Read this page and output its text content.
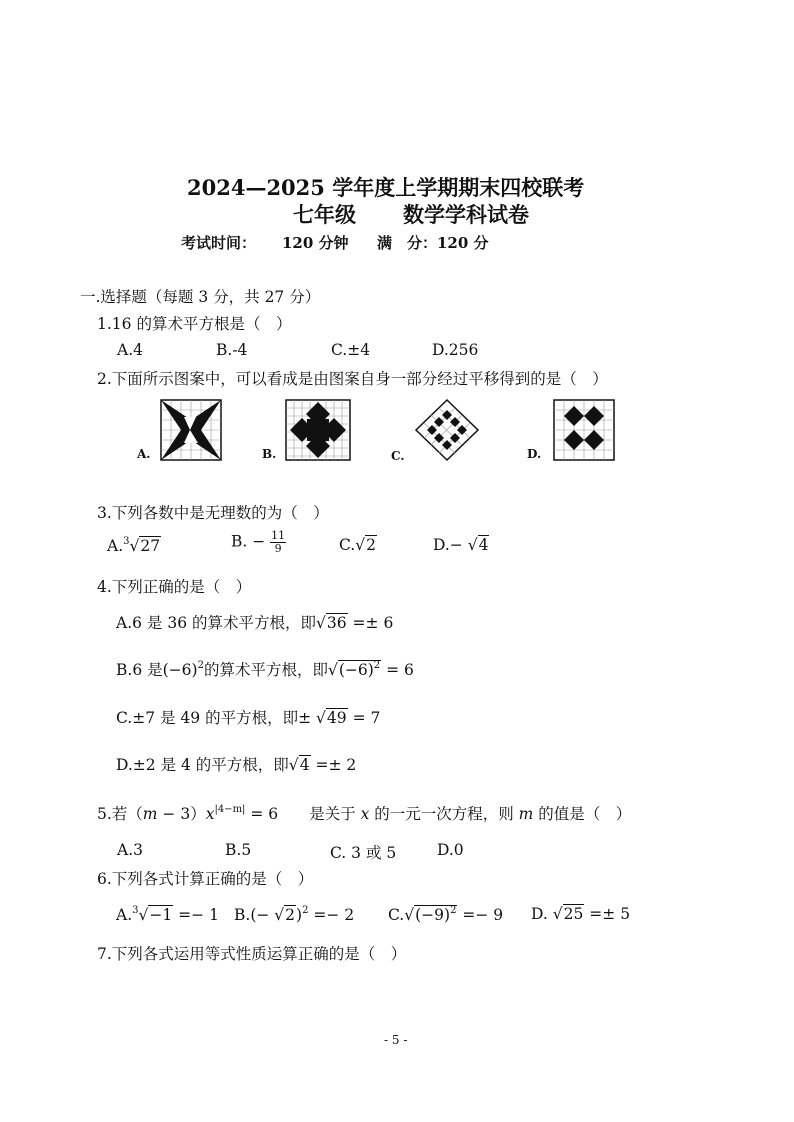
2024—2025 学年度上学期期末四校联考
七年级 数学学科试卷
考试时间： 120 分钟 满　分：120 分
一.选择题（每题 3 分，共 27 分）
1.16 的算术平方根是（　）
A.4	B.-4	C.±4	D.256
2.下面所示图案中，可以看成是由图案自身一部分经过平移得到的是（　）
A.	B.	C.	D.
3.下列各数中是无理数的为（　）
A.$^3$√27	B. − $\frac{11}{9}$	C.√2	D.− √4
4.下列正确的是（　）
A.6 是 36 的算术平方根，即√36 =± 6
B.6 是$(-6)^2$的算术平方根，即$√(-6)^2 = 6$
C.±7 是 49 的平方根，即± √49 = 7
D.±2 是 4 的平方根，即√4 =± 2
5.若$(m - 3)x^{|4-m|} = 6$　　是关于 x 的一元一次方程，则 m 的值是（　）
A.3	B.5	C. 3 或 5	D.0
6.下列各式计算正确的是（　）
A.$^3$√−1 =− 1 $B.(- √2)^2 =- 2$ $C.√(-9)^2 =- 9$ D. √25 =± 5
7.下列各式运用等式性质运算正确的是（　）
- 5 -
